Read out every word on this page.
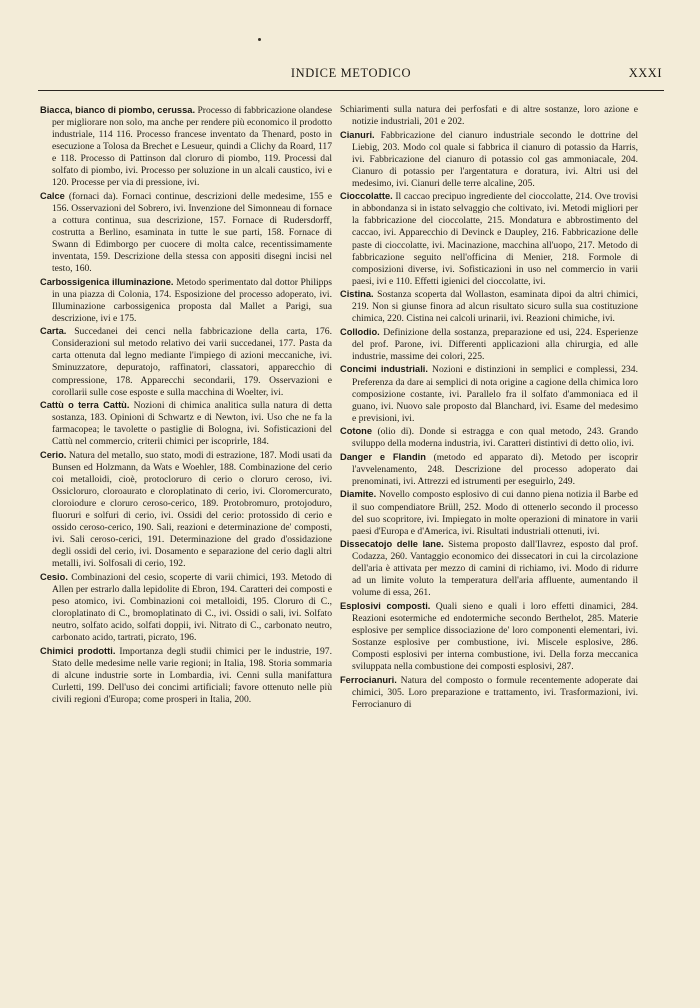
INDICE METODICO	XXXI

Biacca, bianco di piombo, cerussa. Processo di fabbricazione olandese per migliorare non solo, ma anche per rendere più economico il prodotto industriale, 114 116. Processo francese inventato da Thenard, posto in esecuzione a Tolosa da Brechet e Lesueur, quindi a Clichy da Roard, 117 e 118. Processo di Pattinson dal cloruro di piombo, 119. Processi dal solfato di piombo, ivi. Processo per soluzione in un alcali caustico, ivi e 120. Processe per via di pressione, ivi.

Calce (fornaci da). Fornaci continue, descrizioni delle medesime, 155 e 156. Osservazioni del Sobrero, ivi. Invenzione del Simonneau di fornace a cottura continua, sua descrizione, 157. Fornace di Rudersdorff, costrutta a Berlino, esaminata in tutte le sue parti, 158. Fornace di Swann di Edimborgo per cuocere di molta calce, recentissimamente inventata, 159. Descrizione della stessa con appositi disegni incisi nel testo, 160.

Carbossigenica illuminazione. Metodo sperimentato dal dottor Philipps in una piazza di Colonia, 174. Esposizione del processo adoperato, ivi. Illuminazione carbossigenica proposta dal Mallet a Parigi, sua descrizione, ivi e 175.

Carta. Succedanei dei cenci nella fabbricazione della carta, 176. Considerazioni sul metodo relativo dei varii succedanei, 177. Pasta da carta ottenuta dal legno mediante l'impiego di azioni meccaniche, ivi. Sminuzzatore, depuratojo, raffinatori, classatori, apparecchio di compressione, 178. Apparecchi secondarii, 179. Osservazioni e corollarii sulle cose esposte e sulla macchina di Woelter, ivi.

Cattù o terra Cattù. Nozioni di chimica analitica sulla natura di detta sostanza, 183. Opinioni di Schwartz e di Newton, ivi. Uso che ne fa la farmacopea; le tavolette o pastiglie di Bologna, ivi. Sofisticazioni del Cattù nel commercio, criterii chimici per iscoprirle, 184.

Cerio. Natura del metallo, suo stato, modi di estrazione, 187. Modi usati da Bunsen ed Holzmann, da Wats e Woehler, 188. Combinazione del cerio coi metalloidi, cioè, protocloruro di cerio o cloruro ceroso, ivi. Ossicloruro, cloroaurato e cloroplatinato di cerio, ivi. Cloromercurato, cloroiodure e cloruro ceroso-cerico, 189. Protobromuro, protojoduro, fluoruri e solfuri di cerio, ivi. Ossidi del cerio: protossido di cerio e ossido ceroso-cerico, 190. Sali, reazioni e determinazione de' composti, ivi. Sali ceroso-cerici, 191. Determinazione del grado d'ossidazione degli ossidi del cerio, ivi. Dosamento e separazione del cerio dagli altri metalli, ivi. Solfosali di cerio, 192.

Cesio. Combinazioni del cesio, scoperte di varii chimici, 193. Metodo di Allen per estrarlo dalla lepidolite di Ebron, 194. Caratteri dei composti e peso atomico, ivi. Combinazioni coi metalloidi, 195. Cloruro di C., cloroplatinato di C., bromoplatinato di C., ivi. Ossidi o sali, ivi. Solfato neutro, solfato acido, solfati doppii, ivi. Nitrato di C., carbonato neutro, carbonato acido, tartrati, picrato, 196.

Chimici prodotti. Importanza degli studii chimici per le industrie, 197. Stato delle medesime nelle varie regioni; in Italia, 198. Storia sommaria di alcune industrie sorte in Lombardia, ivi. Cenni sulla manifattura Curletti, 199. Dell'uso dei concimi artificiali; favore ottenuto nelle più civili regioni d'Europa; come prosperi in Italia, 200.

Schiarimenti sulla natura dei perfosfati e di altre sostanze, loro azione e notizie industriali, 201 e 202.

Cianuri. Fabbricazione del cianuro industriale secondo le dottrine del Liebig, 203. Modo col quale si fabbrica il cianuro di potassio da Harris, ivi. Fabbricazione del cianuro di potassio col gas ammoniacale, 204. Cianuro di potassio per l'argentatura e doratura, ivi. Altri usi del medesimo, ivi. Cianuri delle terre alcaline, 205.

Cioccolatte. Il caccao precipuo ingrediente del cioccolatte, 214. Ove trovisi in abbondanza si in istato selvaggio che coltivato, ivi. Metodi migliori per la fabbricazione del cioccolatte, 215. Mondatura e abbrostimento del caccao, ivi. Apparecchio di Devinck e Daupley, 216. Fabbricazione delle paste di cioccolatte, ivi. Macinazione, macchina all'uopo, 217. Metodo di fabbricazione seguito nell'officina di Menier, 218. Formole di composizioni diverse, ivi. Sofisticazioni in uso nel commercio in varii paesi, ivi e 110. Effetti igienici del cioccolatte, ivi.

Cistina. Sostanza scoperta dal Wollaston, esaminata dipoi da altri chimici, 219. Non si giunse finora ad alcun risultato sicuro sulla sua costituzione chimica, 220. Cistina nei calcoli urinarii, ivi. Reazioni chimiche, ivi.

Collodio. Definizione della sostanza, preparazione ed usi, 224. Esperienze del prof. Parone, ivi. Differenti applicazioni alla chirurgia, ed alle industrie, massime dei colori, 225.

Concimi industriali. Nozioni e distinzioni in semplici e complessi, 234. Preferenza da dare ai semplici di nota origine a cagione della chimica loro composizione costante, ivi. Parallelo fra il solfato d'ammoniaca ed il guano, ivi. Nuovo sale proposto dal Blanchard, ivi. Esame del medesimo e previsioni, ivi.

Cotone (olio di). Donde si estragga e con qual metodo, 243. Grando sviluppo della moderna industria, ivi. Caratteri distintivi di detto olio, ivi.

Danger e Flandin (metodo ed apparato di). Metodo per iscoprir l'avvelenamento, 248. Descrizione del processo adoperato dai prenominati, ivi. Attrezzi ed istrumenti per eseguirlo, 249.

Diamite. Novello composto esplosivo di cui danno piena notizia il Barbe ed il suo compendiatore Brüll, 252. Modo di ottenerlo secondo il processo del suo scopritore, ivi. Impiegato in molte operazioni di minatore in varii paesi d'Europa e d'America, ivi. Risultati industriali ottenuti, ivi.

Dissecatojo delle lane. Sistema proposto dall'Ilavrez, esposto dal prof. Codazza, 260. Vantaggio economico dei dissecatori in cui la circolazione dell'aria è attivata per mezzo di camini di richiamo, ivi. Modo di ridurre ad un limite voluto la temperatura dell'aria affluente, aumentando il volume di essa, 261.

Esplosivi composti. Quali sieno e quali i loro effetti dinamici, 284. Reazioni esotermiche ed endotermiche secondo Berthelot, 285. Materie esplosive per semplice dissociazione de' loro componenti elementari, ivi. Sostanze esplosive per combustione, ivi. Miscele esplosive, 286. Composti esplosivi per interna combustione, ivi. Della forza meccanica sviluppata nella combustione dei composti esplosivi, 287.

Ferrocianuri. Natura del composto o formule recentemente adoperate dai chimici, 305. Loro preparazione e trattamento, ivi. Trasformazioni, ivi. Ferrocianuro di
